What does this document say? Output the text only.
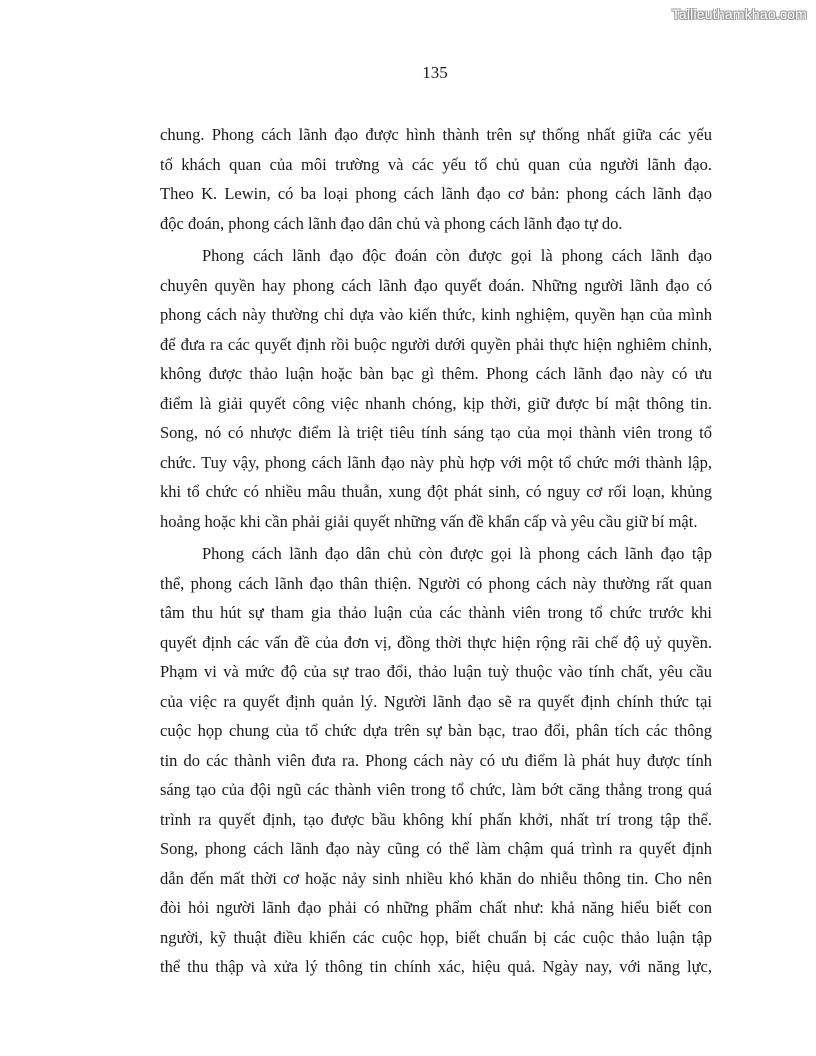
Tailieuthamkhao.com
135
chung. Phong cách lãnh đạo được hình thành trên sự thống nhất giữa các yếu
tố khách quan của môi trường và các yếu tố chủ quan của người lãnh đạo.
Theo K. Lewin, có ba loại phong cách lãnh đạo cơ bản: phong cách lãnh đạo
độc đoán, phong cách lãnh đạo dân chủ và phong cách lãnh đạo tự do.
Phong cách lãnh đạo độc đoán còn được gọi là phong cách lãnh đạo
chuyên quyền hay phong cách lãnh đạo quyết đoán. Những người lãnh đạo có
phong cách này thường chỉ dựa vào kiến thức, kinh nghiệm, quyền hạn của mình
để đưa ra các quyết định rồi buộc người dưới quyền phải thực hiện nghiêm chỉnh,
không được thảo luận hoặc bàn bạc gì thêm. Phong cách lãnh đạo này có ưu
điểm là giải quyết công việc nhanh chóng, kịp thời, giữ được bí mật thông tin.
Song, nó có nhược điểm là triệt tiêu tính sáng tạo của mọi thành viên trong tổ
chức. Tuy vậy, phong cách lãnh đạo này phù hợp với một tổ chức mới thành lập,
khi tổ chức có nhiều mâu thuẫn, xung đột phát sinh, có nguy cơ rối loạn, khủng
hoảng hoặc khi cần phải giải quyết những vấn đề khẩn cấp và yêu cầu giữ bí mật.
Phong cách lãnh đạo dân chủ còn được gọi là phong cách lãnh đạo tập
thể, phong cách lãnh đạo thân thiện. Người có phong cách này thường rất quan
tâm thu hút sự tham gia thảo luận của các thành viên trong tổ chức trước khi
quyết định các vấn đề của đơn vị, đồng thời thực hiện rộng rãi chế độ uỷ quyền.
Phạm vi và mức độ của sự trao đổi, thảo luận tuỳ thuộc vào tính chất, yêu cầu
của việc ra quyết định quản lý. Người lãnh đạo sẽ ra quyết định chính thức tại
cuộc họp chung của tổ chức dựa trên sự bàn bạc, trao đổi, phân tích các thông
tin do các thành viên đưa ra. Phong cách này có ưu điểm là phát huy được tính
sáng tạo của đội ngũ các thành viên trong tổ chức, làm bớt căng thẳng trong quá
trình ra quyết định, tạo được bầu không khí phấn khởi, nhất trí trong tập thể.
Song, phong cách lãnh đạo này cũng có thể làm chậm quá trình ra quyết định
dẫn đến mất thời cơ hoặc nảy sinh nhiều khó khăn do nhiễu thông tin. Cho nên
đòi hỏi người lãnh đạo phải có những phẩm chất như: khả năng hiểu biết con
người, kỹ thuật điều khiển các cuộc họp, biết chuẩn bị các cuộc thảo luận tập
thể thu thập và xửa lý thông tin chính xác, hiệu quả. Ngày nay, với năng lực,
